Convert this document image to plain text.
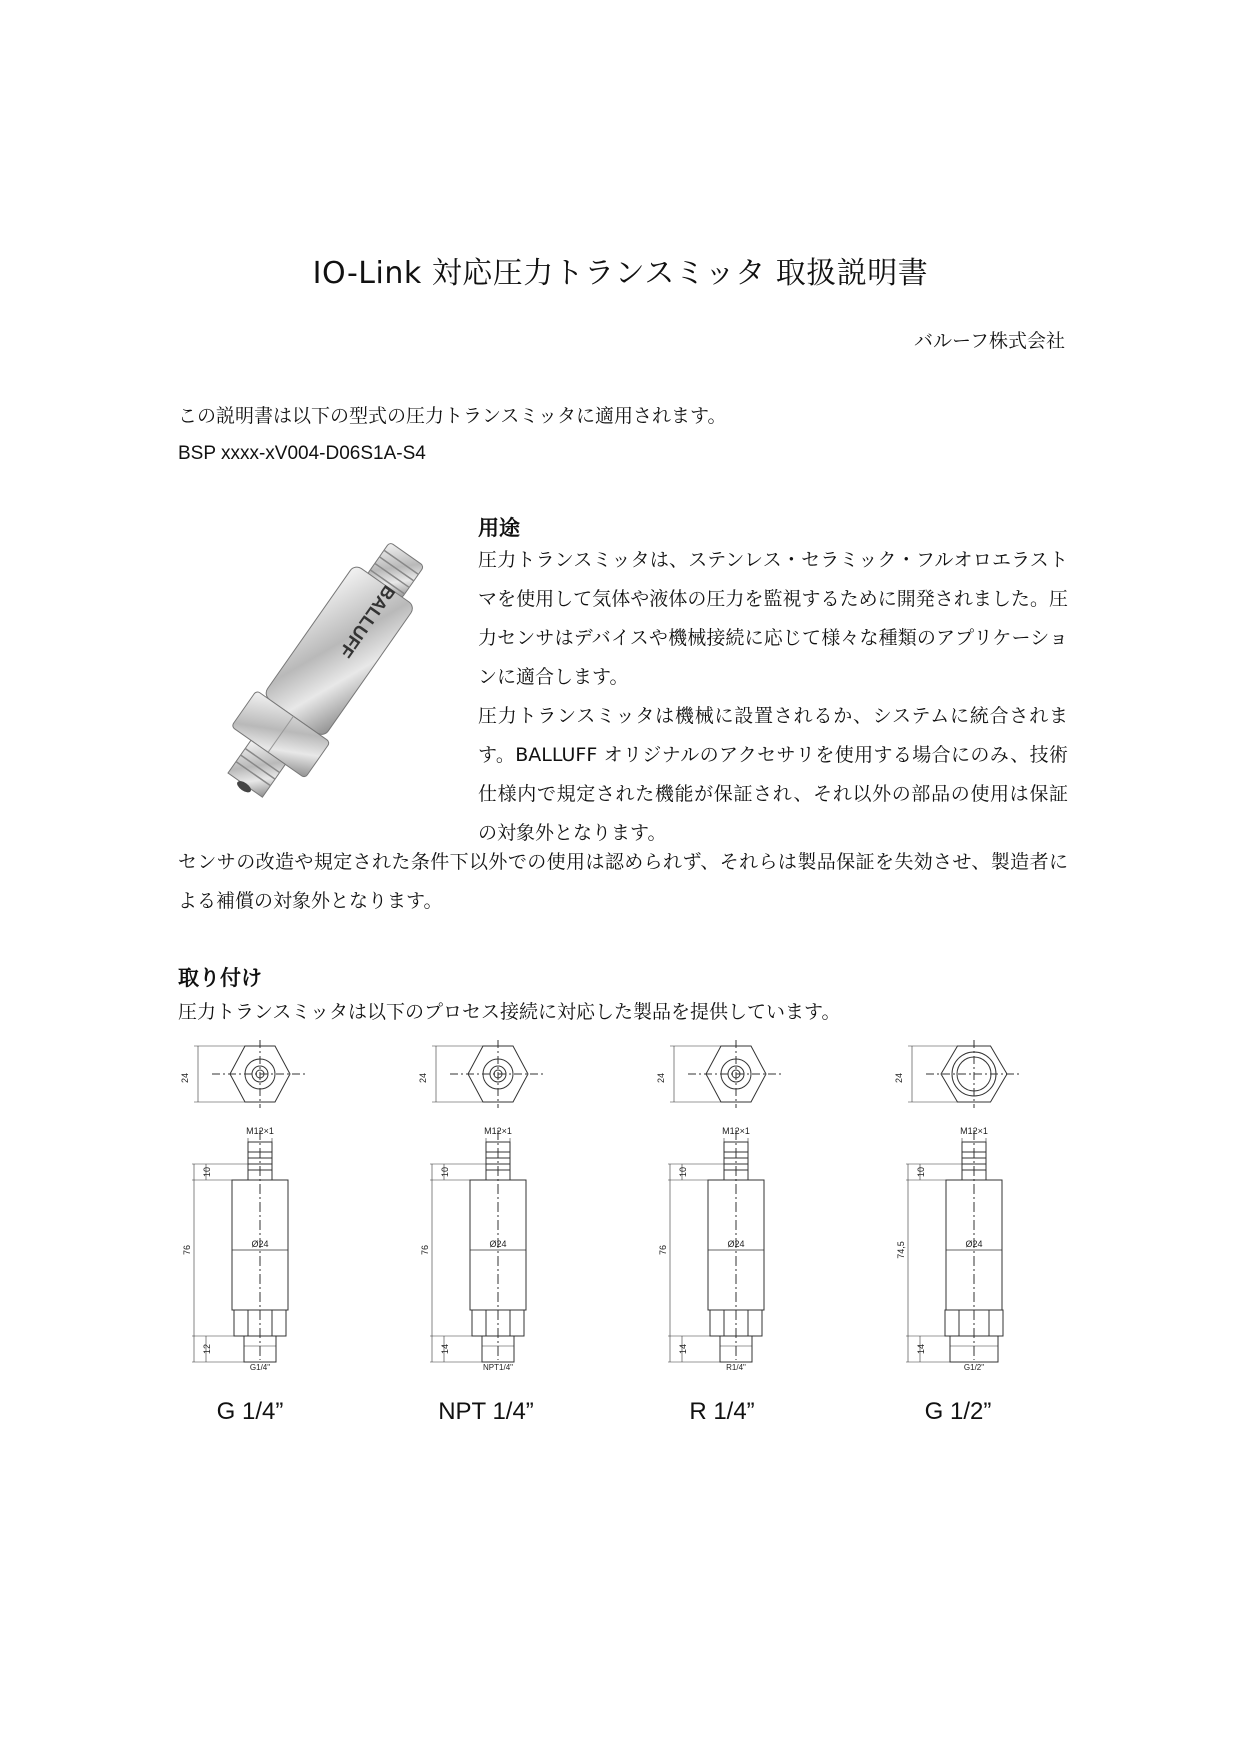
IO-Link 対応圧力トランスミッタ 取扱説明書
バルーフ株式会社

この説明書は以下の型式の圧力トランスミッタに適用されます。

BSP xxxx-xV004-D06S1A-S4

BALLUFF
用途
圧力トランスミッタは、ステンレス・セラミック・フルオロエラストマを使用して気体や液体の圧力を監視するために開発されました。圧力センサはデバイスや機械接続に応じて様々な種類のアプリケーションに適合します。
圧力トランスミッタは機械に設置されるか、システムに統合されます。BALLUFF オリジナルのアクセサリを使用する場合にのみ、技術仕様内で規定された機能が保証され、それ以外の部品の使用は保証の対象外となります。
センサの改造や規定された条件下以外での使用は認められず、それらは製品保証を失効させ、製造者による補償の対象外となります。
取り付け

圧力トランスミッタは以下のプロセス接続に対応した製品を提供しています。

24
M12×1
10
76
Ø24
12
G1/4"
G 1/4”
24
M12×1
10
76
Ø24
14
NPT1/4"
NPT 1/4”
24
M12×1
10
76
Ø24
14
R1/4"
R 1/4”
24
M12×1
10
74,5	Ø24
14
G1/2"
G 1/2”
